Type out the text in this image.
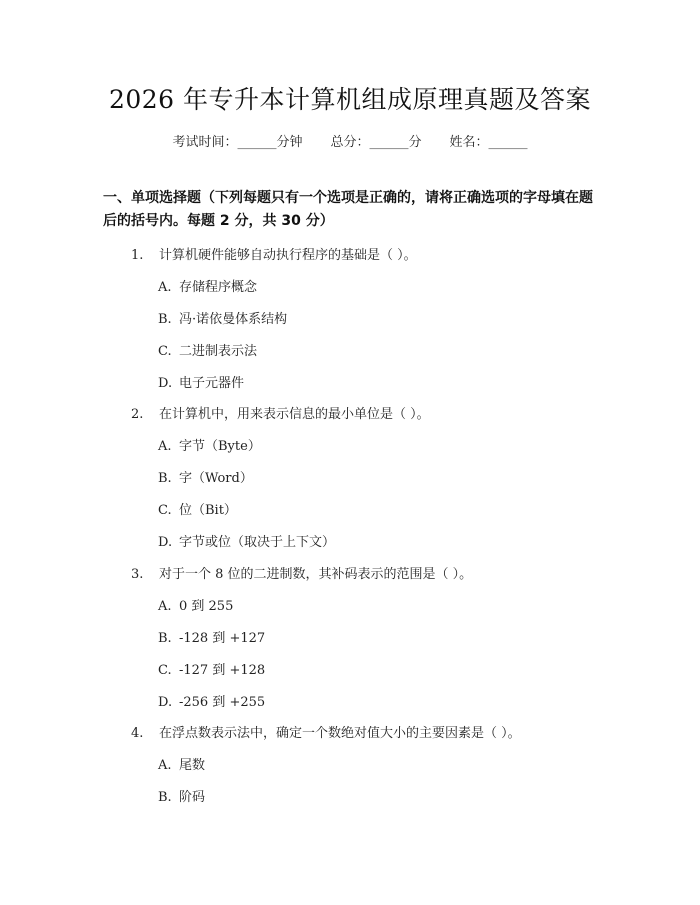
2026 年专升本计算机组成原理真题及答案
考试时间：______分钟 总分：______分 姓名：______
一、单项选择题（下列每题只有一个选项是正确的，请将正确选项的字母填在题后的括号内。每题 2 分，共 30 分）
1. 计算机硬件能够自动执行程序的基础是（ ）。
A. 存储程序概念
B. 冯·诺依曼体系结构
C. 二进制表示法
D. 电子元器件
2. 在计算机中，用来表示信息的最小单位是（ ）。
A. 字节（Byte）
B. 字（Word）
C. 位（Bit）
D. 字节或位（取决于上下文）
3. 对于一个 8 位的二进制数，其补码表示的范围是（ ）。
A. 0 到 255
B. -128 到 +127
C. -127 到 +128
D. -256 到 +255
4. 在浮点数表示法中，确定一个数绝对值大小的主要因素是（ ）。
A. 尾数
B. 阶码
